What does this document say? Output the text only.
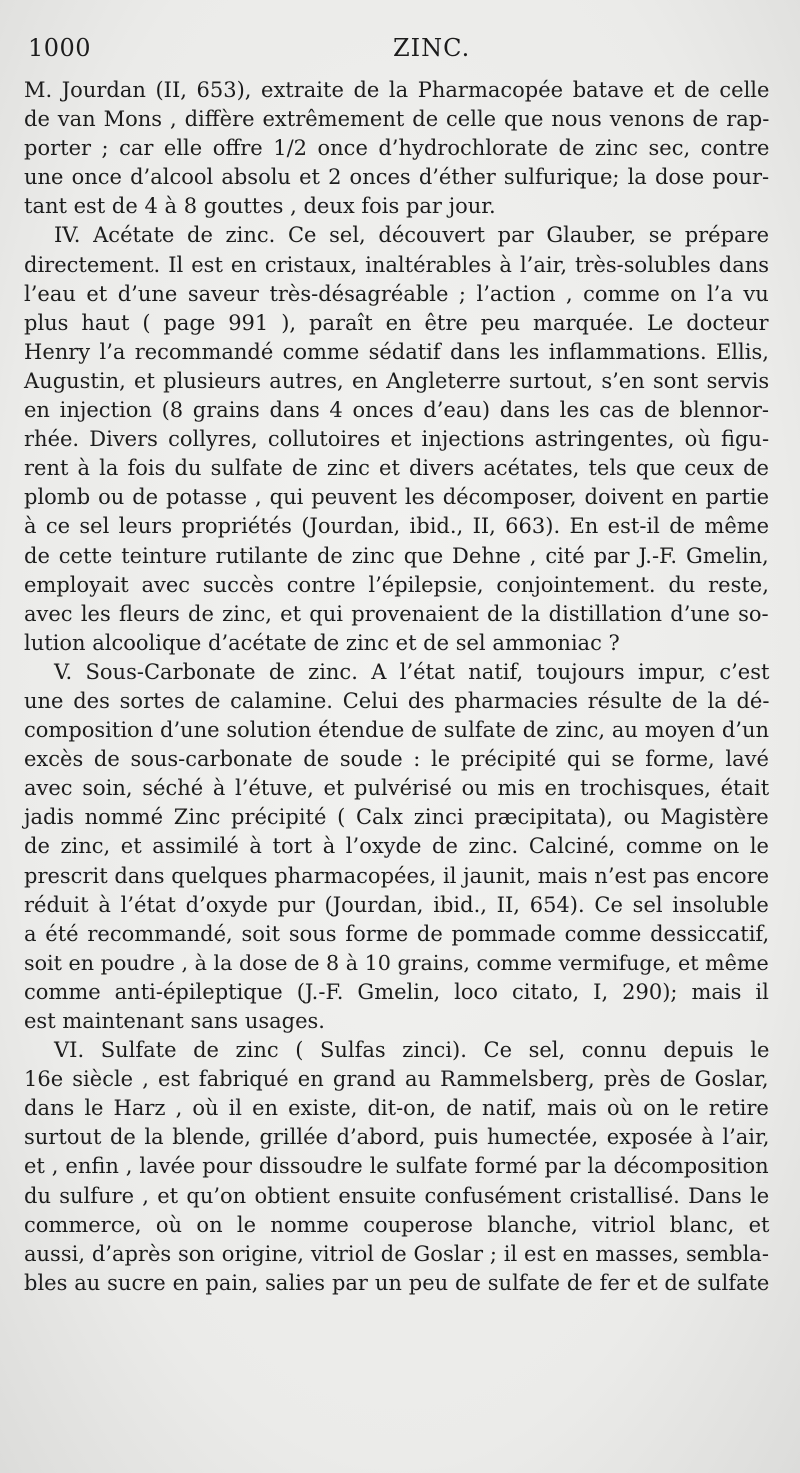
1000	ZINC.
M. Jourdan (II, 653), extraite de la Pharmacopée batave et de celle
de van Mons , diffère extrêmement de celle que nous venons de rap-
porter ; car elle offre 1/2 once d’hydrochlorate de zinc sec, contre
une once d’alcool absolu et 2 onces d’éther sulfurique; la dose pour-
tant est de 4 à 8 gouttes , deux fois par jour.
IV. Acétate de zinc. Ce sel, découvert par Glauber, se prépare
directement. Il est en cristaux, inaltérables à l’air, très-solubles dans
l’eau et d’une saveur très-désagréable ; l’action , comme on l’a vu
plus haut ( page 991 ), paraît en être peu marquée. Le docteur
Henry l’a recommandé comme sédatif dans les inflammations. Ellis,
Augustin, et plusieurs autres, en Angleterre surtout, s’en sont servis
en injection (8 grains dans 4 onces d’eau) dans les cas de blennor-
rhée. Divers collyres, collutoires et injections astringentes, où figu-
rent à la fois du sulfate de zinc et divers acétates, tels que ceux de
plomb ou de potasse , qui peuvent les décomposer, doivent en partie
à ce sel leurs propriétés (Jourdan, ibid., II, 663). En est-il de même
de cette teinture rutilante de zinc que Dehne , cité par J.-F. Gmelin,
employait avec succès contre l’épilepsie, conjointement. du reste,
avec les fleurs de zinc, et qui provenaient de la distillation d’une so-
lution alcoolique d’acétate de zinc et de sel ammoniac ?
V. Sous-Carbonate de zinc. A l’état natif, toujours impur, c’est
une des sortes de calamine. Celui des pharmacies résulte de la dé-
composition d’une solution étendue de sulfate de zinc, au moyen d’un
excès de sous-carbonate de soude : le précipité qui se forme, lavé
avec soin, séché à l’étuve, et pulvérisé ou mis en trochisques, était
jadis nommé Zinc précipité ( Calx zinci præcipitata), ou Magistère
de zinc, et assimilé à tort à l’oxyde de zinc. Calciné, comme on le
prescrit dans quelques pharmacopées, il jaunit, mais n’est pas encore
réduit à l’état d’oxyde pur (Jourdan, ibid., II, 654). Ce sel insoluble
a été recommandé, soit sous forme de pommade comme dessiccatif,
soit en poudre , à la dose de 8 à 10 grains, comme vermifuge, et même
comme anti-épileptique (J.-F. Gmelin, loco citato, I, 290); mais il
est maintenant sans usages.
VI. Sulfate de zinc ( Sulfas zinci). Ce sel, connu depuis le
16e siècle , est fabriqué en grand au Rammelsberg, près de Goslar,
dans le Harz , où il en existe, dit-on, de natif, mais où on le retire
surtout de la blende, grillée d’abord, puis humectée, exposée à l’air,
et , enfin , lavée pour dissoudre le sulfate formé par la décomposition
du sulfure , et qu’on obtient ensuite confusément cristallisé. Dans le
commerce, où on le nomme couperose blanche, vitriol blanc, et
aussi, d’après son origine, vitriol de Goslar ; il est en masses, sembla-
bles au sucre en pain, salies par un peu de sulfate de fer et de sulfate
